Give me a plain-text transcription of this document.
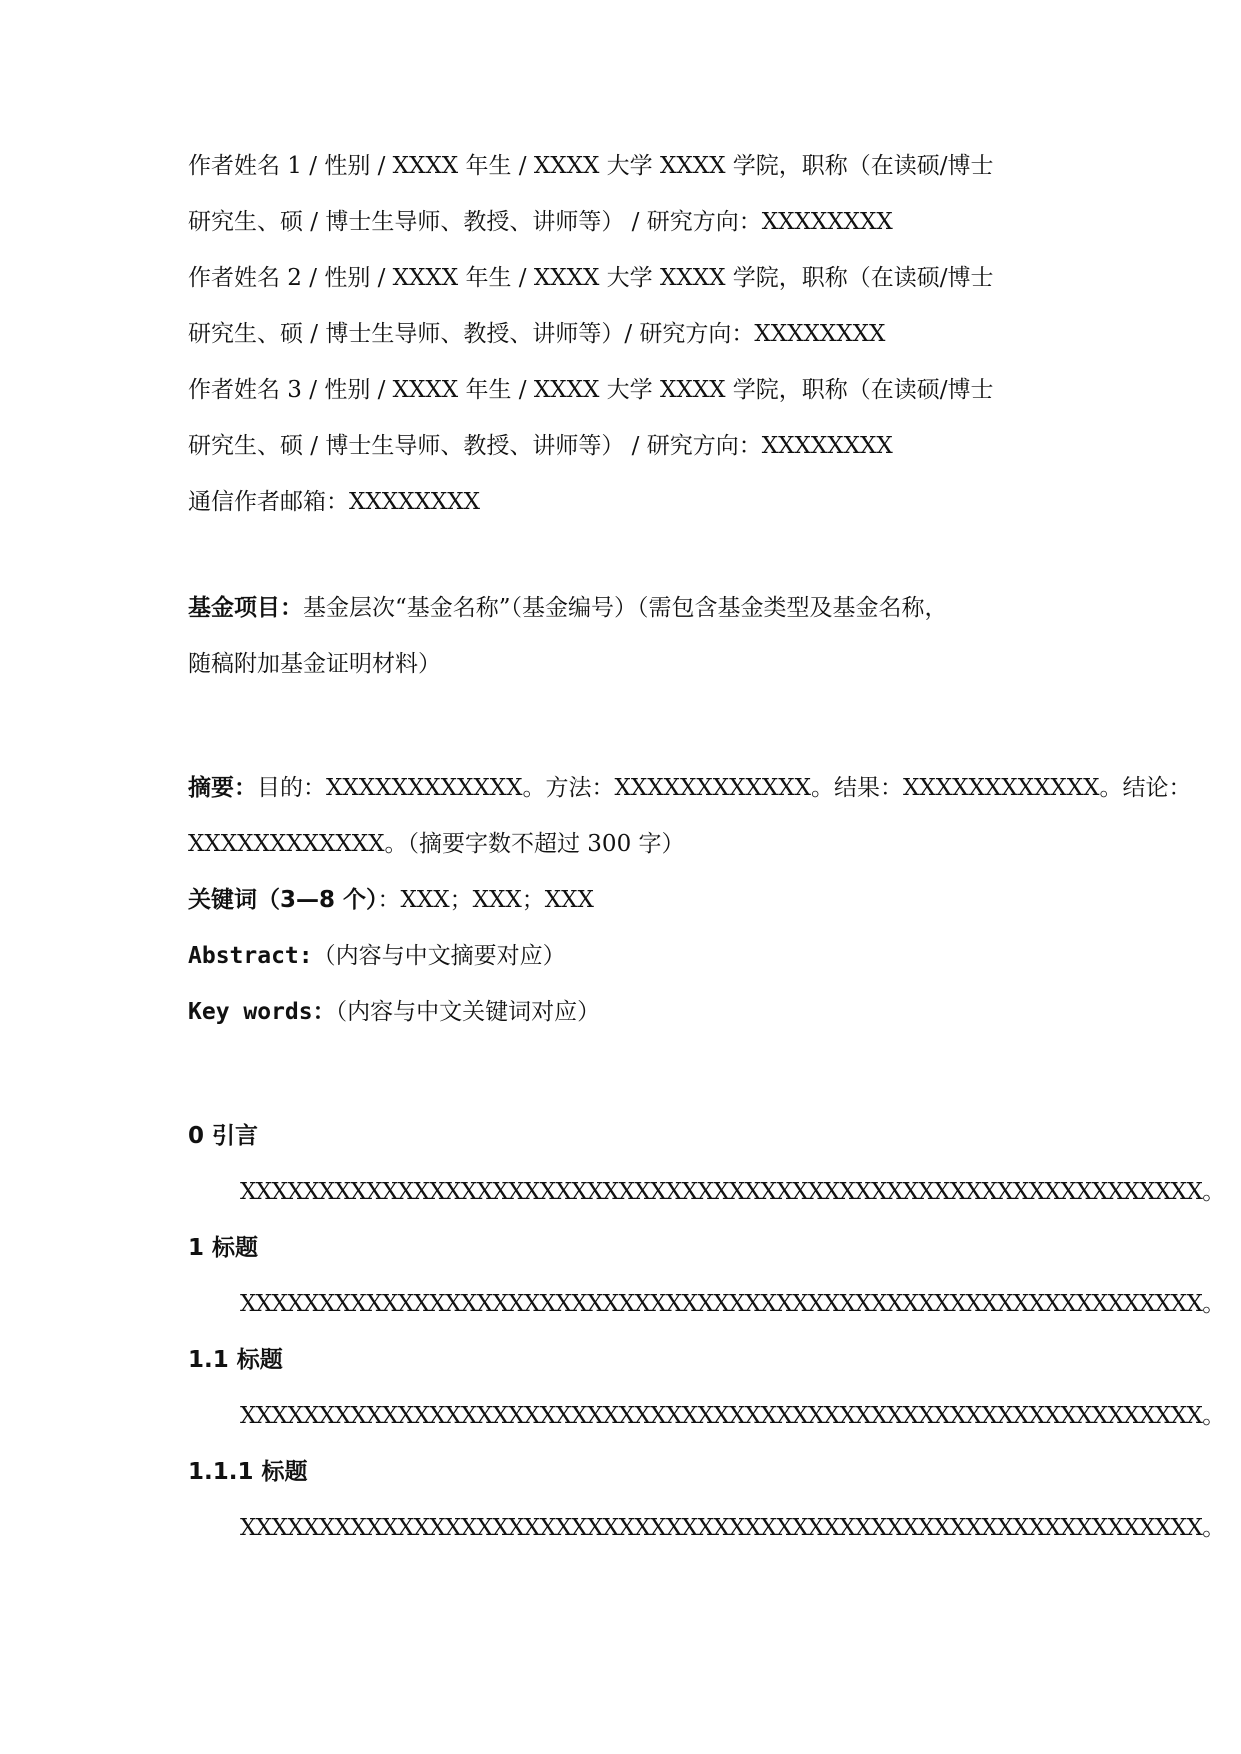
作者姓名 1 / 性别 / XXXX 年生 / XXXX 大学 XXXX 学院，职称（在读硕/博士
研究生、硕 / 博士生导师、教授、讲师等） / 研究方向：XXXXXXXX
作者姓名 2 / 性别 / XXXX 年生 / XXXX 大学 XXXX 学院，职称（在读硕/博士
研究生、硕 / 博士生导师、教授、讲师等）/ 研究方向：XXXXXXXX
作者姓名 3 / 性别 / XXXX 年生 / XXXX 大学 XXXX 学院，职称（在读硕/博士
研究生、硕 / 博士生导师、教授、讲师等） / 研究方向：XXXXXXXX
通信作者邮箱：XXXXXXXX
基金项目：基金层次“基金名称”（基金编号）（需包含基金类型及基金名称，
随稿附加基金证明材料）
摘要：目的：XXXXXXXXXXXX。方法：XXXXXXXXXXXX。结果：XXXXXXXXXXXX。结论：
XXXXXXXXXXXX。（摘要字数不超过 300 字）
关键词（3—8 个）：XXX；XXX；XXX
Abstract:（内容与中文摘要对应）
Key words：（内容与中文关键词对应）
0 引言
XXXXXXXXXXXXXXXXXXXXXXXXXXXXXXXXXXXXXXXXXXXXXXXXXXXXXXXXXXXXX。
1 标题
XXXXXXXXXXXXXXXXXXXXXXXXXXXXXXXXXXXXXXXXXXXXXXXXXXXXXXXXXXXXX。
1.1 标题
XXXXXXXXXXXXXXXXXXXXXXXXXXXXXXXXXXXXXXXXXXXXXXXXXXXXXXXXXXXXX。
1.1.1 标题
XXXXXXXXXXXXXXXXXXXXXXXXXXXXXXXXXXXXXXXXXXXXXXXXXXXXXXXXXXXXX。
